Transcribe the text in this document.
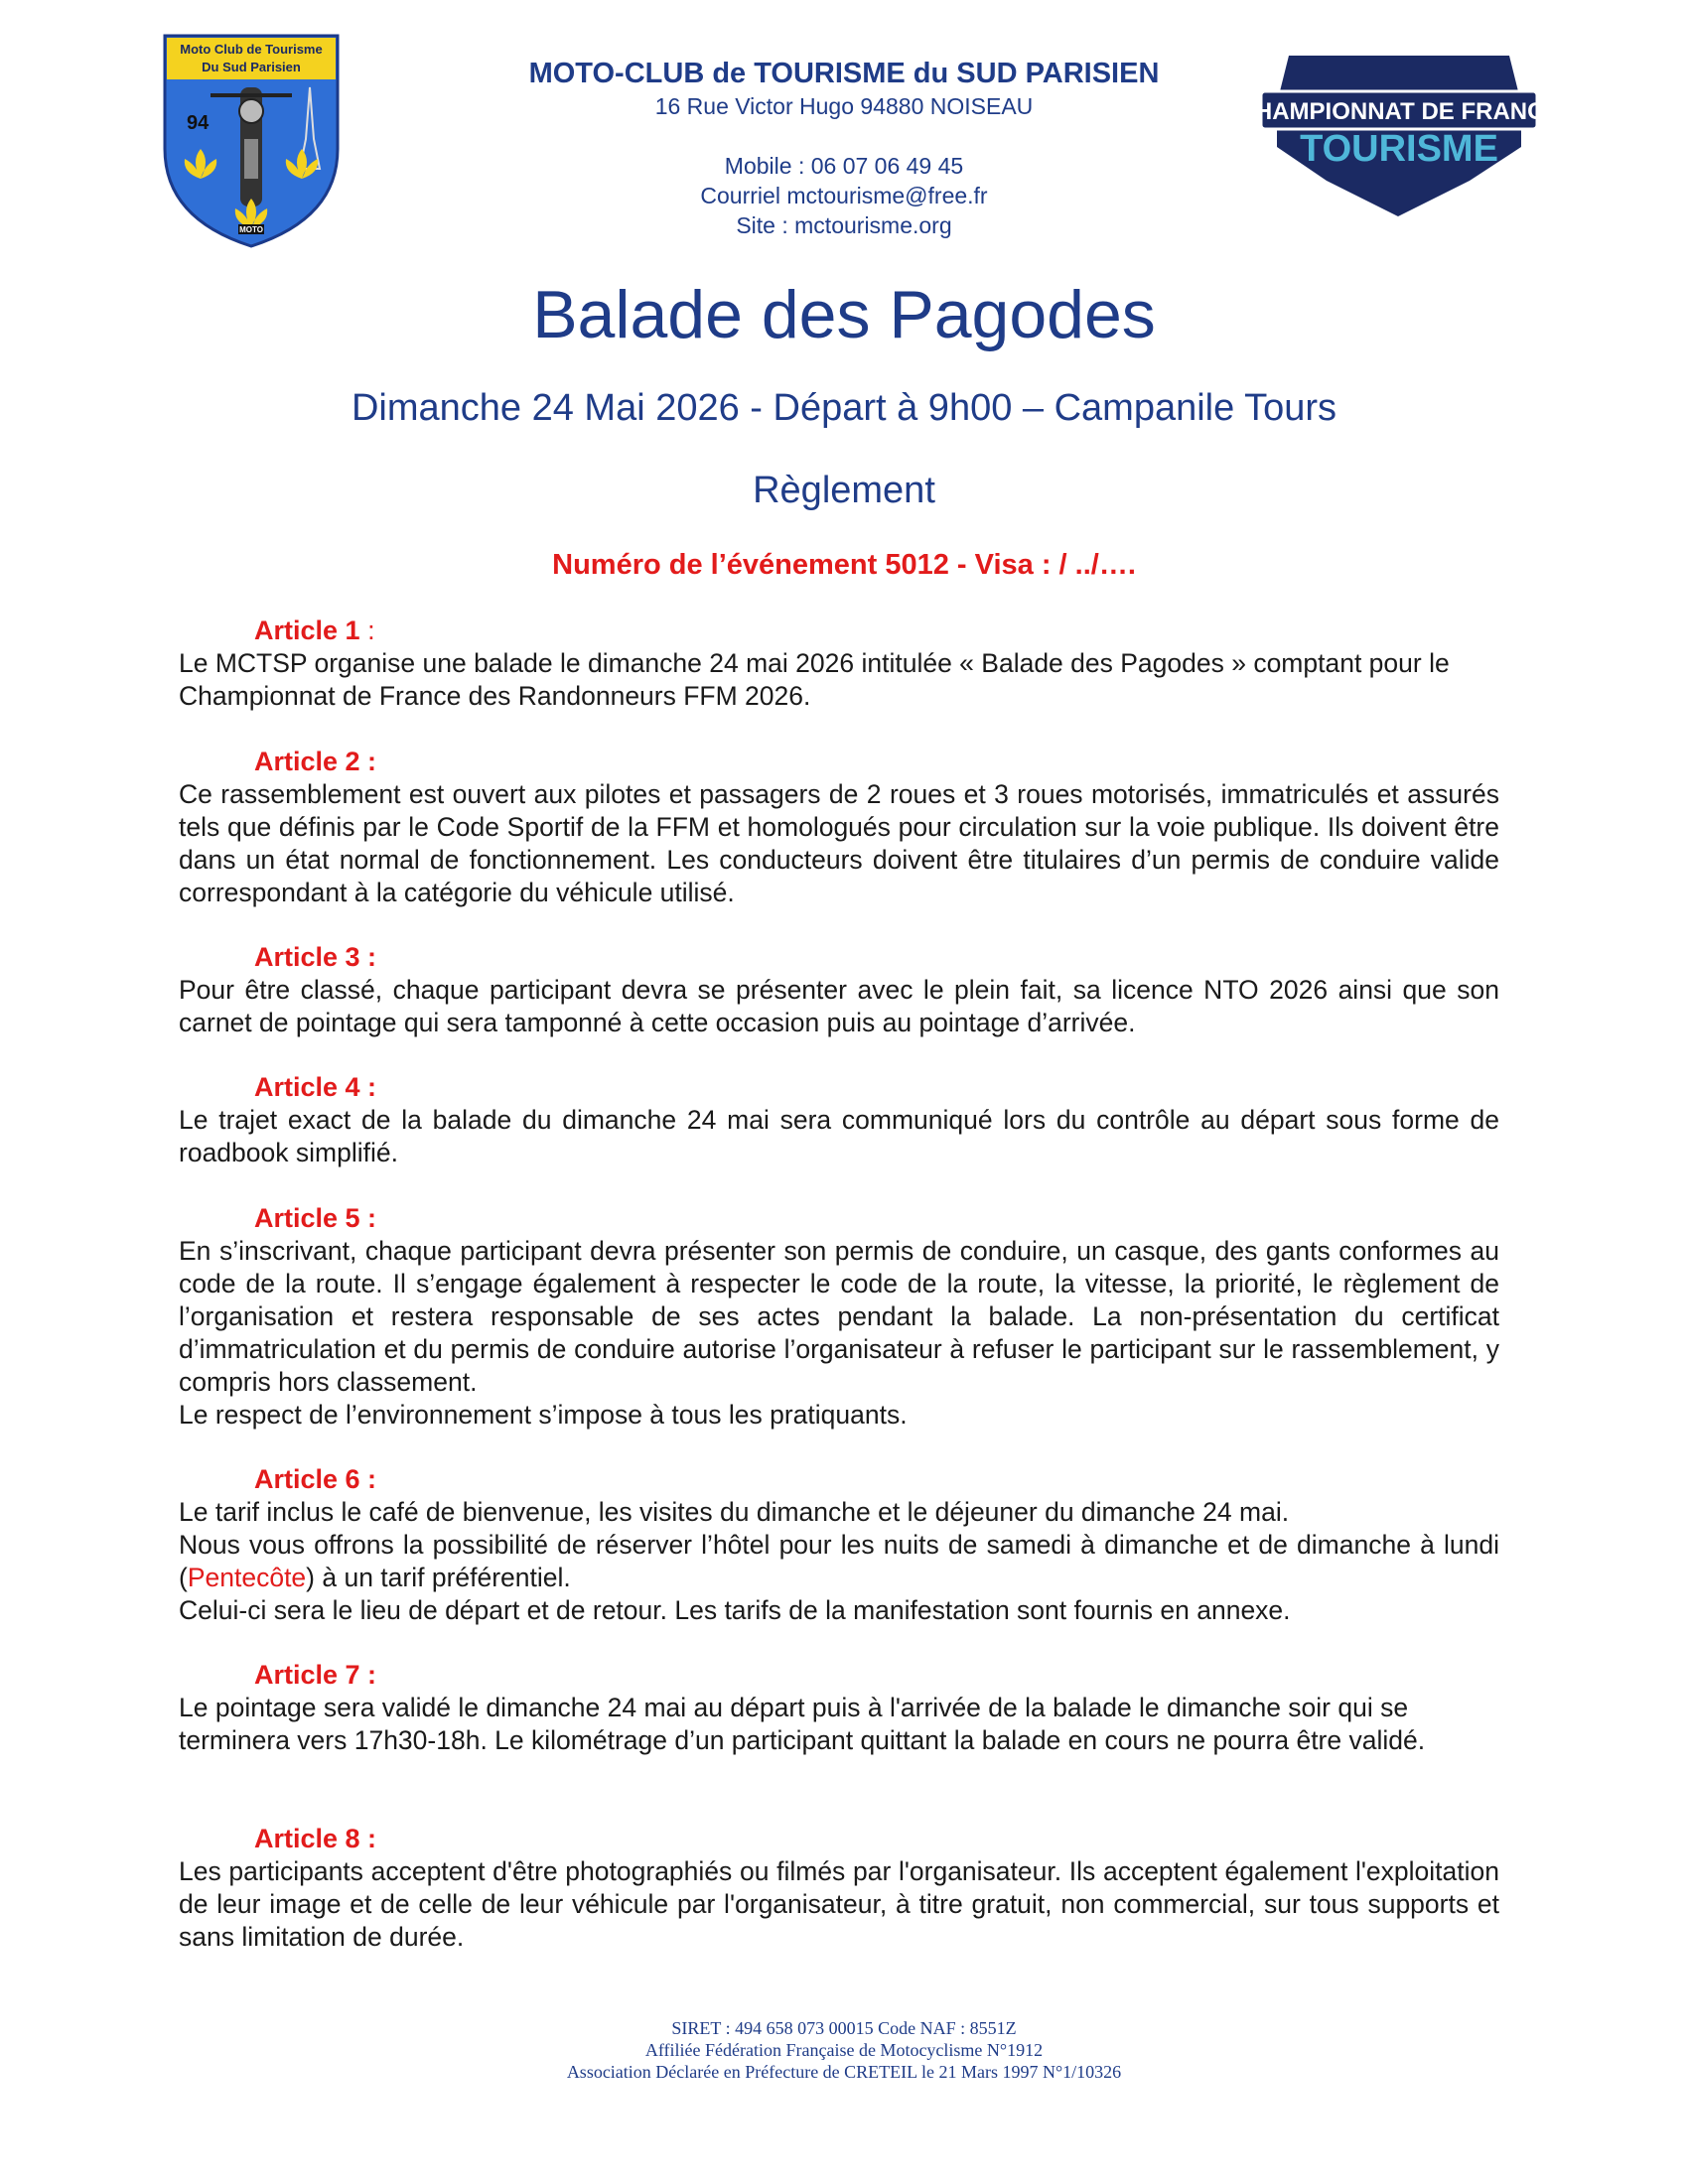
Moto Club de Tourisme
Du Sud Parisien
94
MOTO
MOTO-CLUB de TOURISME du SUD PARISIEN
16 Rue Victor Hugo 94880 NOISEAU
Mobile : 06 07 06 49 45
Courriel mctourisme@free.fr
Site : mctourisme.org
CHAMPIONNAT DE FRANCE
TOURISME
Balade des Pagodes
Dimanche 24 Mai 2026 - Départ à 9h00 – Campanile Tours
Règlement
Numéro de l’événement 5012 - Visa : / ../….
Article 1 :

Le MCTSP organise une balade le dimanche 24 mai 2026 intitulée « Balade des Pagodes » comptant pour le Championnat de France des Randonneurs FFM 2026.

Article 2 :

Ce rassemblement est ouvert aux pilotes et passagers de 2 roues et 3 roues motorisés, immatriculés et assurés tels que définis par le Code Sportif de la FFM et homologués pour circulation sur la voie publique. Ils doivent être dans un état normal de fonctionnement. Les conducteurs doivent être titulaires d’un permis de conduire valide correspondant à la catégorie du véhicule utilisé.

Article 3 :

Pour être classé, chaque participant devra se présenter avec le plein fait, sa licence NTO 2026 ainsi que son carnet de pointage qui sera tamponné à cette occasion puis au pointage d’arrivée.

Article 4 :

Le trajet exact de la balade du dimanche 24 mai sera communiqué lors du contrôle au départ sous forme de roadbook simplifié.

Article 5 :

En s’inscrivant, chaque participant devra présenter son permis de conduire, un casque, des gants conformes au code de la route. Il s’engage également à respecter le code de la route, la vitesse, la priorité, le règlement de l’organisation et restera responsable de ses actes pendant la balade. La non-présentation du certificat d’immatriculation et du permis de conduire autorise l’organisateur à refuser le participant sur le rassemblement, y compris hors classement.

Le respect de l’environnement s’impose à tous les pratiquants.

Article 6 :

Le tarif inclus le café de bienvenue, les visites du dimanche et le déjeuner du dimanche 24 mai.

Nous vous offrons la possibilité de réserver l’hôtel pour les nuits de samedi à dimanche et de dimanche à lundi (Pentecôte) à un tarif préférentiel.

Celui-ci sera le lieu de départ et de retour. Les tarifs de la manifestation sont fournis en annexe.

Article 7 :

Le pointage sera validé le dimanche 24 mai au départ puis à l'arrivée de la balade le dimanche soir qui se terminera vers 17h30-18h. Le kilométrage d’un participant quittant la balade en cours ne pourra être validé.

Article 8 :

Les participants acceptent d'être photographiés ou filmés par l'organisateur. Ils acceptent également l'exploitation de leur image et de celle de leur véhicule par l'organisateur, à titre gratuit, non commercial, sur tous supports et sans limitation de durée.

SIRET : 494 658 073 00015 Code NAF : 8551Z
Affiliée Fédération Française de Motocyclisme N°1912
Association Déclarée en Préfecture de CRETEIL le 21 Mars 1997 N°1/10326
